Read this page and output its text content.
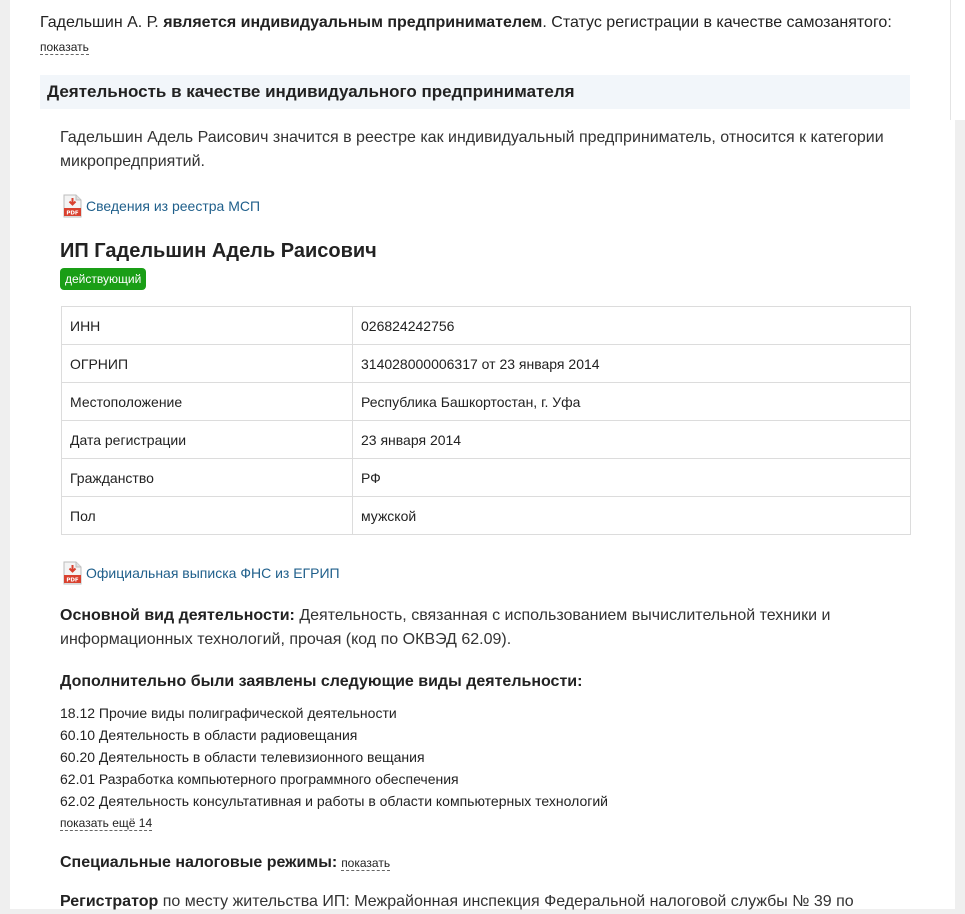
Гадельшин А. Р. является индивидуальным предпринимателем. Статус регистрации в качестве самозанятого:
показать
Деятельность в качестве индивидуального предпринимателя
Гадельшин Адель Раисович значится в реестре как индивидуальный предприниматель, относится к категории микропредприятий.
PDF Сведения из реестра МСП
ИП Гадельшин Адель Раисович
действующий
ИНН	026824242756
ОГРНИП	314028000006317 от 23 января 2014
Местоположение	Республика Башкортостан, г. Уфа
Дата регистрации	23 января 2014
Гражданство	РФ
Пол	мужской
PDF Официальная выписка ФНС из ЕГРИП
Основной вид деятельности: Деятельность, связанная с использованием вычислительной техники и информационных технологий, прочая (код по ОКВЭД 62.09).
Дополнительно были заявлены следующие виды деятельности:
18.12 Прочие виды полиграфической деятельности
60.10 Деятельность в области радиовещания
60.20 Деятельность в области телевизионного вещания
62.01 Разработка компьютерного программного обеспечения
62.02 Деятельность консультативная и работы в области компьютерных технологий
показать ещё 14
Специальные налоговые режимы: показать
Регистратор по месту жительства ИП: Межрайонная инспекция Федеральной налоговой службы № 39 по
